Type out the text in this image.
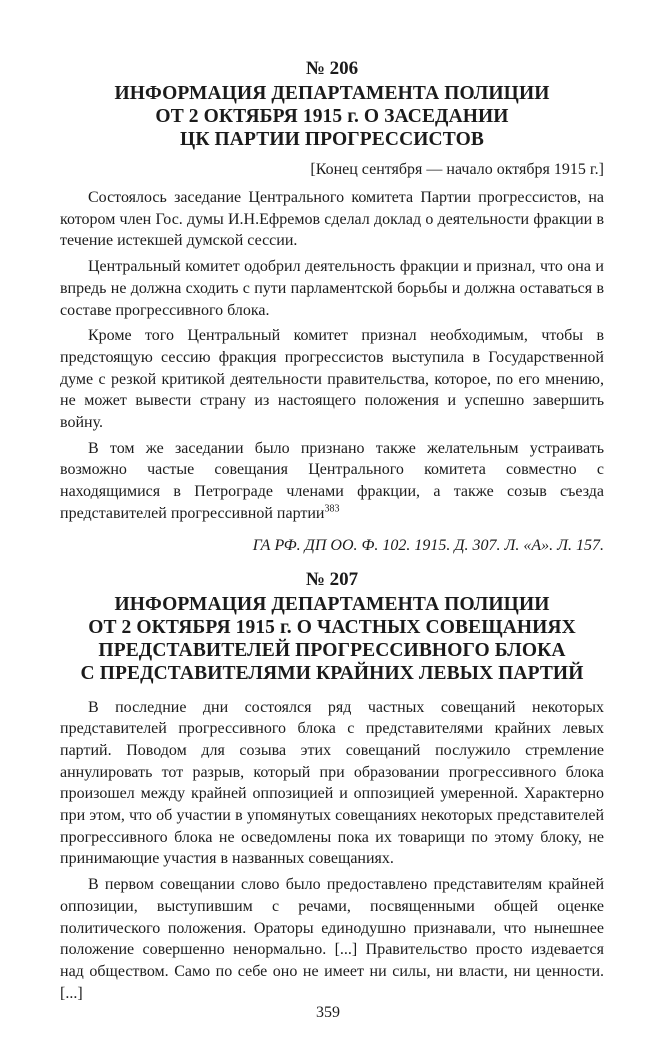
№ 206
ИНФОРМАЦИЯ ДЕПАРТАМЕНТА ПОЛИЦИИ
ОТ 2 ОКТЯБРЯ 1915 г. О ЗАСЕДАНИИ
ЦК ПАРТИИ ПРОГРЕССИСТОВ
[Конец сентября — начало октября 1915 г.]

Состоялось заседание Центрального комитета Партии прогрессистов, на котором член Гос. думы И.Н.Ефремов сделал доклад о деятельности фракции в течение истекшей думской сессии.

Центральный комитет одобрил деятельность фракции и признал, что она и впредь не должна сходить с пути парламентской борьбы и должна оставаться в составе прогрессивного блока.

Кроме того Центральный комитет признал необходимым, чтобы в предстоящую сессию фракция прогрессистов выступила в Государственной думе с резкой критикой деятельности правительства, которое, по его мнению, не может вывести страну из настоящего положения и успешно завершить войну.

В том же заседании было признано также желательным устраивать возможно частые совещания Центрального комитета совместно с находящимися в Петрограде членами фракции, а также созыв съезда представителей прогрессивной партии$^{383}$

ГА РФ. ДП ОО. Ф. 102. 1915. Д. 307. Л. «А». Л. 157.
№ 207
ИНФОРМАЦИЯ ДЕПАРТАМЕНТА ПОЛИЦИИ
ОТ 2 ОКТЯБРЯ 1915 г. О ЧАСТНЫХ СОВЕЩАНИЯХ
ПРЕДСТАВИТЕЛЕЙ ПРОГРЕССИВНОГО БЛОКА
С ПРЕДСТАВИТЕЛЯМИ КРАЙНИХ ЛЕВЫХ ПАРТИЙ

В последние дни состоялся ряд частных совещаний некоторых представителей прогрессивного блока с представителями крайних левых партий. Поводом для созыва этих совещаний послужило стремление аннулировать тот разрыв, который при образовании прогрессивного блока произошел между крайней оппозицией и оппозицией умеренной. Характерно при этом, что об участии в упомянутых совещаниях некоторых представителей прогрессивного блока не осведомлены пока их товарищи по этому блоку, не принимающие участия в названных совещаниях.

В первом совещании слово было предоставлено представителям крайней оппозиции, выступившим с речами, посвященными общей оценке политического положения. Ораторы единодушно признавали, что нынешнее положение совершенно ненормально. [...] Правительство просто издевается над обществом. Само по себе оно не имеет ни силы, ни власти, ни ценности. [...]

359
